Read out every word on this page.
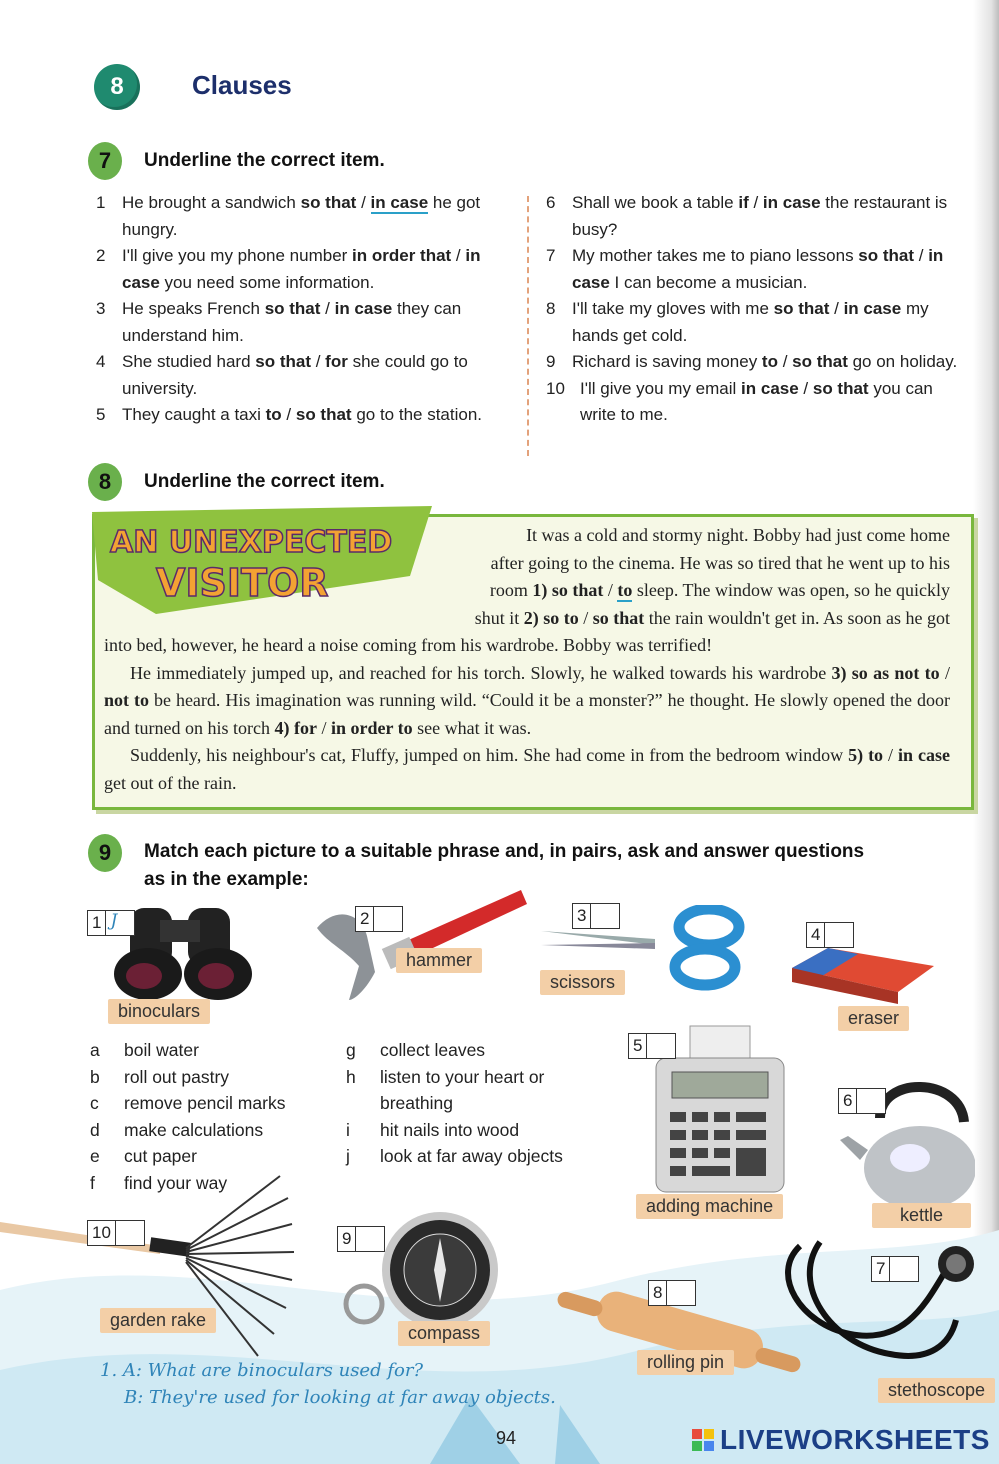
8	Clauses
7	Underline the correct item.
1 He brought a sandwich so that / in case he got hungry.
2 I'll give you my phone number in order that / in case you need some information.
3 He speaks French so that / in case they can understand him.
4 She studied hard so that / for she could go to university.
5 They caught a taxi to / so that go to the station.
6 Shall we book a table if / in case the restaurant is busy?
7 My mother takes me to piano lessons so that / in case I can become a musician.
8 I'll take my gloves with me so that / in case my hands get cold.
9 Richard is saving money to / so that go on holiday.
10 I'll give you my email in case / so that you can write to me.
8	Underline the correct item.
AN UNEXPECTED
VISITOR
It was a cold and stormy night. Bobby had just come home
after going to the cinema. He was so tired that he went up to his
room 1) so that / to sleep. The window was open, so he quickly
shut it 2) so to / so that the rain wouldn't get in. As soon as he got
into bed, however, he heard a noise coming from his wardrobe. Bobby was terrified!
He immediately jumped up, and reached for his torch. Slowly, he walked towards his wardrobe 3) so as not to / not to be heard. His imagination was running wild. “Could it be a monster?” he thought. He slowly opened the door and turned on his torch 4) for / in order to see what it was.
Suddenly, his neighbour's cat, Fluffy, jumped on him. She had come in from the bedroom window 5) to / in case get out of the rain.
9	Match each picture to a suitable phrase and, in pairs, ask and answer questions
as in the example:
binoculars
hammer
scissors
eraser
adding machine	kettle
stethoscope
rolling pin
compass
garden rake
1 J	2	3
4
5
6
7
8
9
10
a boil water
b roll out pastry
c remove pencil marks
d make calculations
e cut paper
f find your way
g collect leaves
h listen to your heart or
breathing
i hit nails into wood
j look at far away objects
1. A: What are binoculars used for?
B: They're used for looking at far away objects.
94	LIVEWORKSHEETS
